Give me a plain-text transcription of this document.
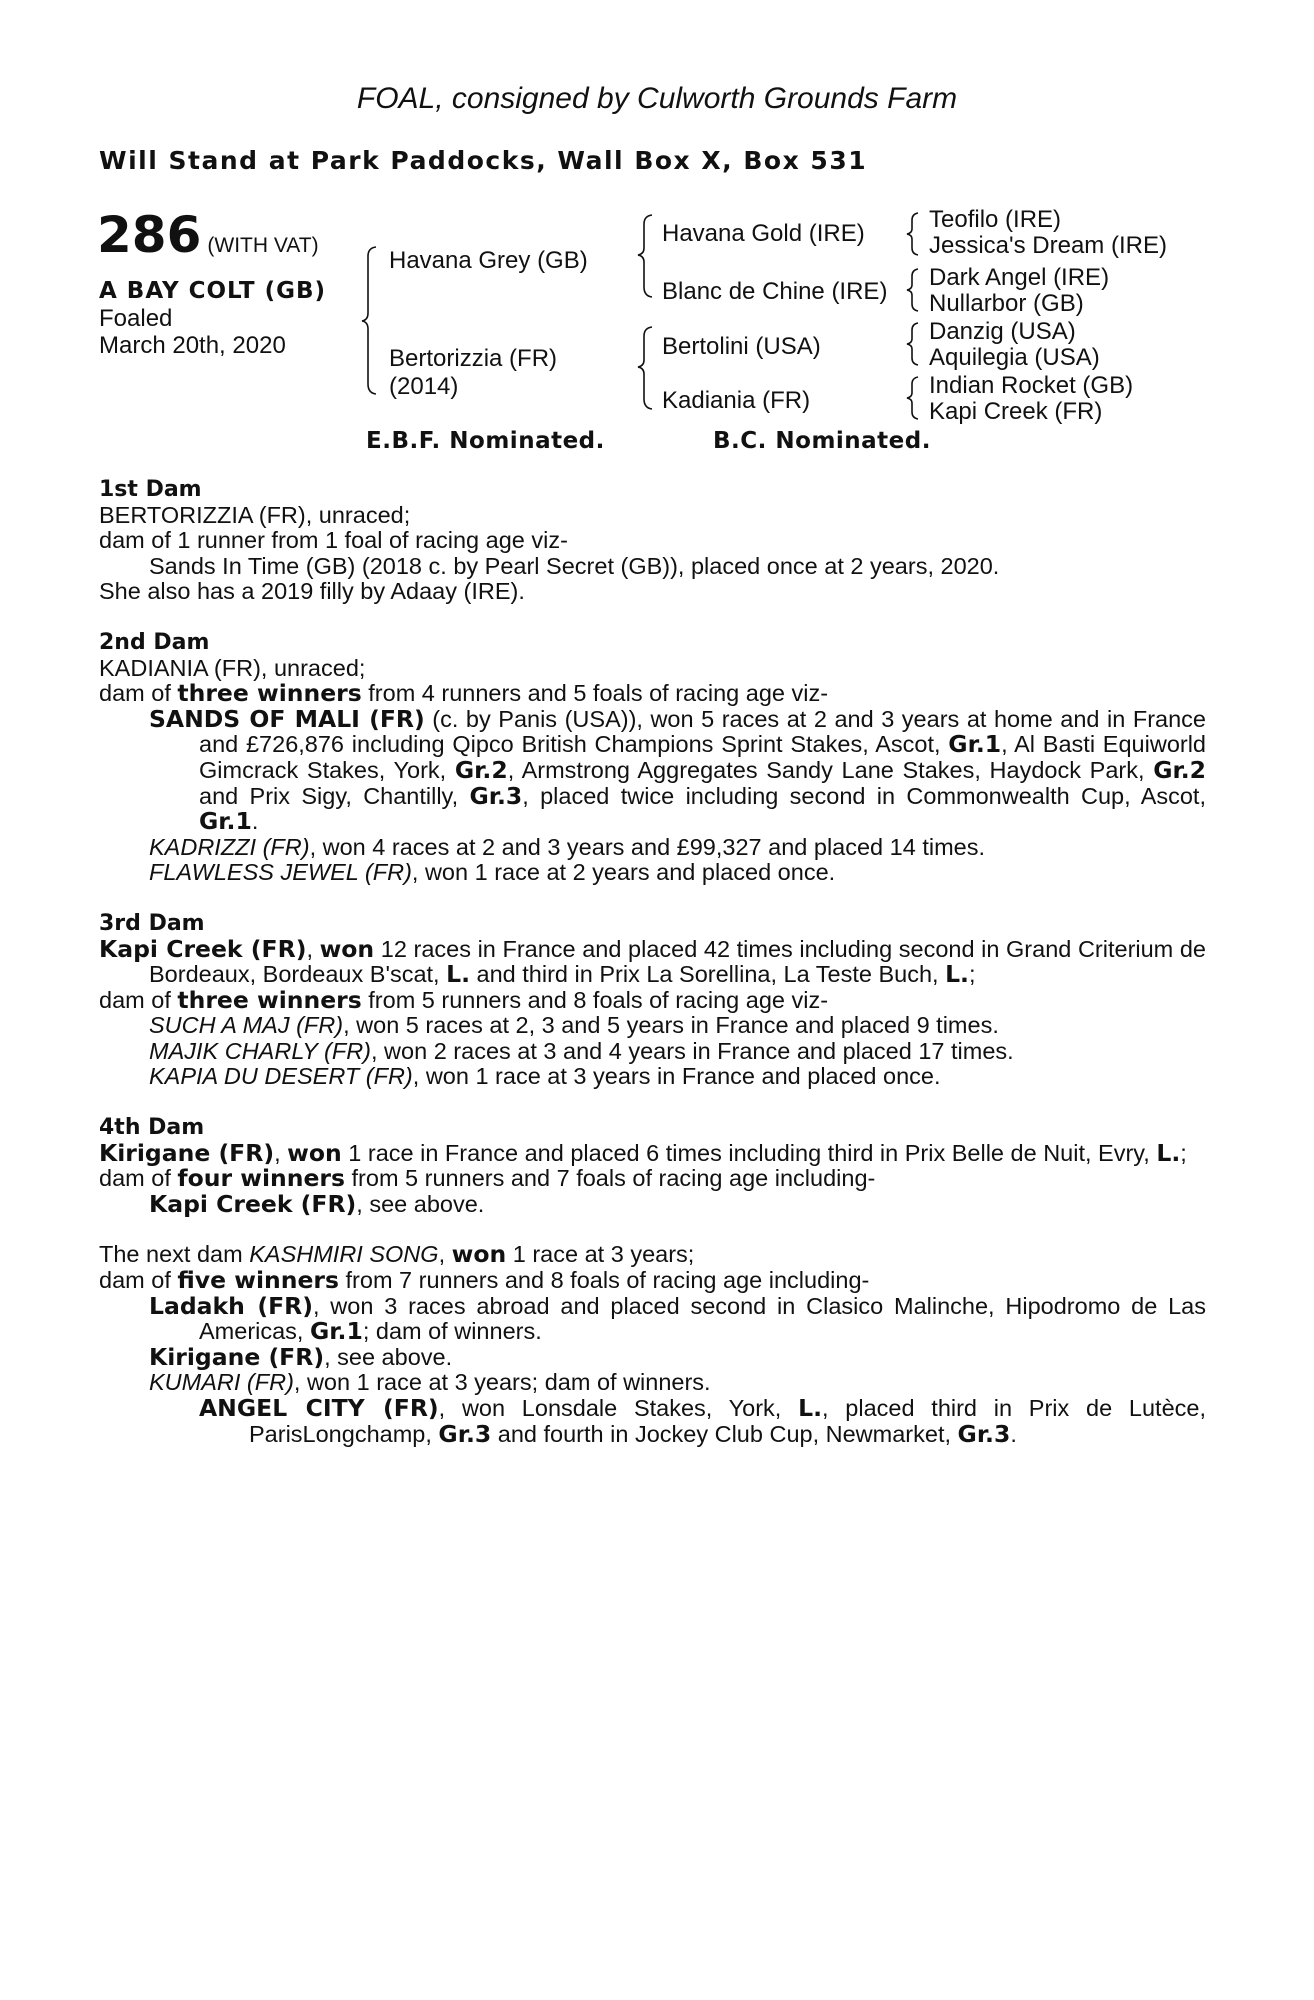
FOAL, consigned by Culworth Grounds Farm
Will Stand at Park Paddocks, Wall Box X, Box 531
286 (WITH VAT)
A BAY COLT (GB)
Foaled
March 20th, 2020
Havana Grey (GB)
Bertorizzia (FR)
(2014)
Havana Gold (IRE)
Blanc de Chine (IRE)
Bertolini (USA)
Kadiania (FR)
Teofilo (IRE)
Jessica's Dream (IRE)
Dark Angel (IRE)
Nullarbor (GB)
Danzig (USA)
Aquilegia (USA)
Indian Rocket (GB)
Kapi Creek (FR)
E.B.F. Nominated.	B.C. Nominated.
1st Dam
BERTORIZZIA (FR), unraced;
dam of 1 runner from 1 foal of racing age viz-
Sands In Time (GB) (2018 c. by Pearl Secret (GB)), placed once at 2 years, 2020.
She also has a 2019 filly by Adaay (IRE).
2nd Dam
KADIANIA (FR), unraced;
dam of three winners from 4 runners and 5 foals of racing age viz-
SANDS OF MALI (FR) (c. by Panis (USA)), won 5 races at 2 and 3 years at home and in France and £726,876 including Qipco British Champions Sprint Stakes, Ascot, Gr.1, Al Basti Equiworld Gimcrack Stakes, York, Gr.2, Armstrong Aggregates Sandy Lane Stakes, Haydock Park, Gr.2 and Prix Sigy, Chantilly, Gr.3, placed twice including second in Commonwealth Cup, Ascot, Gr.1.
KADRIZZI (FR), won 4 races at 2 and 3 years and £99,327 and placed 14 times.
FLAWLESS JEWEL (FR), won 1 race at 2 years and placed once.
3rd Dam
Kapi Creek (FR), won 12 races in France and placed 42 times including second in Grand Criterium de Bordeaux, Bordeaux B'scat, L. and third in Prix La Sorellina, La Teste Buch, L.;
dam of three winners from 5 runners and 8 foals of racing age viz-
SUCH A MAJ (FR), won 5 races at 2, 3 and 5 years in France and placed 9 times.
MAJIK CHARLY (FR), won 2 races at 3 and 4 years in France and placed 17 times.
KAPIA DU DESERT (FR), won 1 race at 3 years in France and placed once.
4th Dam
Kirigane (FR), won 1 race in France and placed 6 times including third in Prix Belle de Nuit, Evry, L.;
dam of four winners from 5 runners and 7 foals of racing age including-
Kapi Creek (FR), see above.
The next dam KASHMIRI SONG, won 1 race at 3 years;
dam of five winners from 7 runners and 8 foals of racing age including-
Ladakh (FR), won 3 races abroad and placed second in Clasico Malinche, Hipodromo de Las Americas, Gr.1; dam of winners.
Kirigane (FR), see above.
KUMARI (FR), won 1 race at 3 years; dam of winners.
ANGEL CITY (FR), won Lonsdale Stakes, York, L., placed third in Prix de Lutèce, ParisLongchamp, Gr.3 and fourth in Jockey Club Cup, Newmarket, Gr.3.
